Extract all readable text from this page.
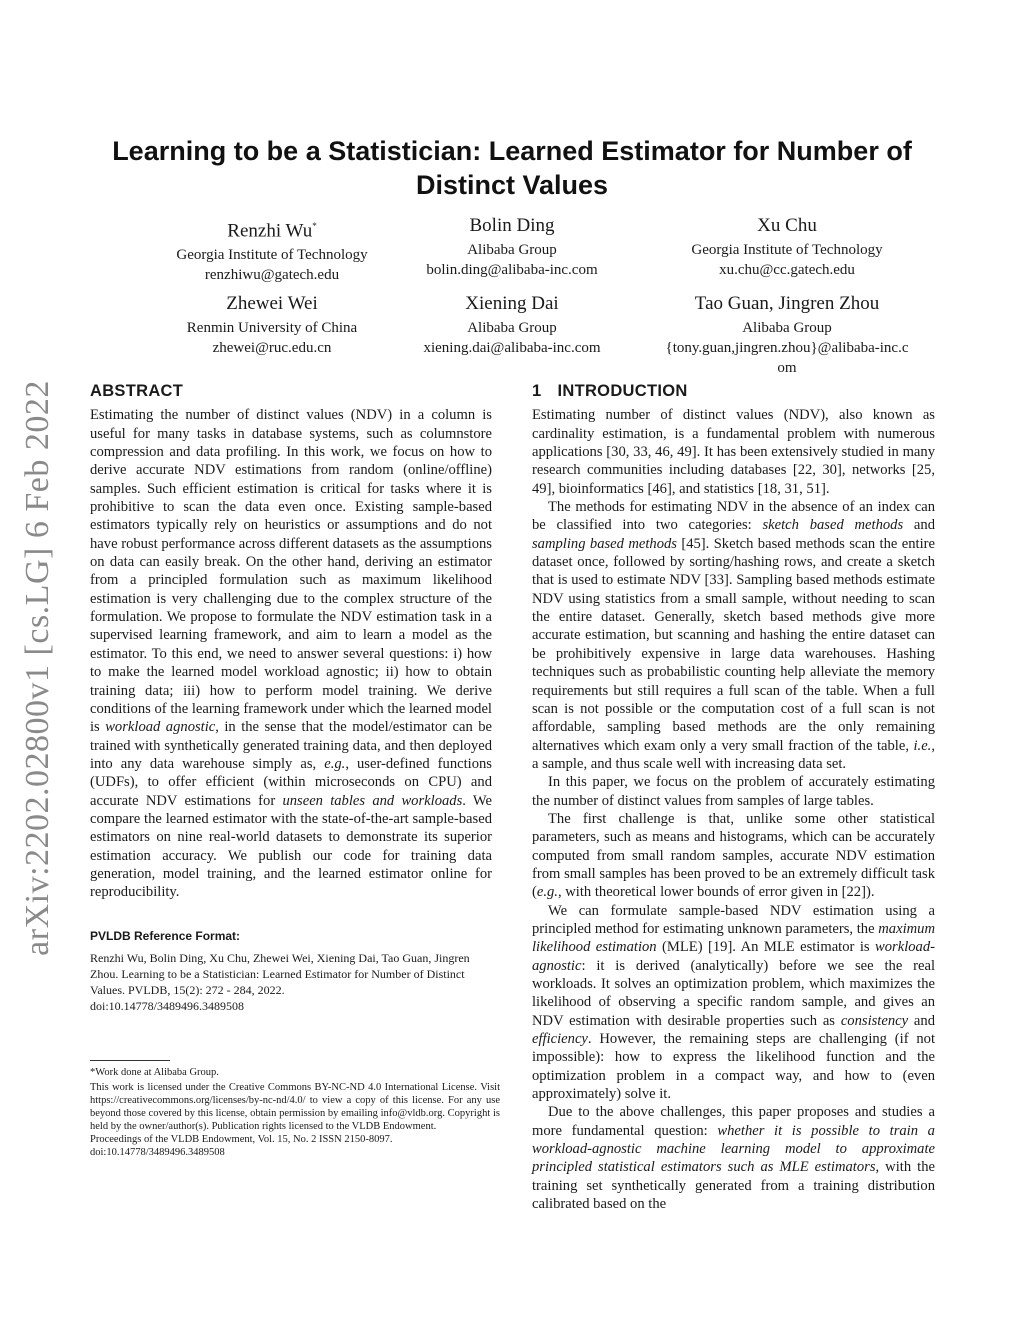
arXiv:2202.02800v1 [cs.LG] 6 Feb 2022
Learning to be a Statistician: Learned Estimator for Number of Distinct Values
Renzhi Wu*
Georgia Institute of Technology
renzhiwu@gatech.edu
Bolin Ding
Alibaba Group
bolin.ding@alibaba-inc.com
Xu Chu
Georgia Institute of Technology
xu.chu@cc.gatech.edu
Zhewei Wei
Renmin University of China
zhewei@ruc.edu.cn
Xiening Dai
Alibaba Group
xiening.dai@alibaba-inc.com
Tao Guan, Jingren Zhou
Alibaba Group
{tony.guan,jingren.zhou}@alibaba-inc.com
ABSTRACT

Estimating the number of distinct values (NDV) in a column is useful for many tasks in database systems, such as columnstore compression and data profiling. In this work, we focus on how to derive accurate NDV estimations from random (online/offline) samples. Such efficient estimation is critical for tasks where it is prohibitive to scan the data even once. Existing sample-based estimators typically rely on heuristics or assumptions and do not have robust performance across different datasets as the assumptions on data can easily break. On the other hand, deriving an estimator from a principled formulation such as maximum likelihood estimation is very challenging due to the complex structure of the formulation. We propose to formulate the NDV estimation task in a supervised learning framework, and aim to learn a model as the estimator. To this end, we need to answer several questions: i) how to make the learned model workload agnostic; ii) how to obtain training data; iii) how to perform model training. We derive conditions of the learning framework under which the learned model is workload agnostic, in the sense that the model/estimator can be trained with synthetically generated training data, and then deployed into any data warehouse simply as, e.g., user-defined functions (UDFs), to offer efficient (within microseconds on CPU) and accurate NDV estimations for unseen tables and workloads. We compare the learned estimator with the state-of-the-art sample-based estimators on nine real-world datasets to demonstrate its superior estimation accuracy. We publish our code for training data generation, model training, and the learned estimator online for reproducibility.

PVLDB Reference Format:

Renzhi Wu, Bolin Ding, Xu Chu, Zhewei Wei, Xiening Dai, Tao Guan, Jingren Zhou. Learning to be a Statistician: Learned Estimator for Number of Distinct Values. PVLDB, 15(2): 272 - 284, 2022.

doi:10.14778/3489496.3489508

*Work done at Alibaba Group.

This work is licensed under the Creative Commons BY-NC-ND 4.0 International License. Visit https://creativecommons.org/licenses/by-nc-nd/4.0/ to view a copy of this license. For any use beyond those covered by this license, obtain permission by emailing info@vldb.org. Copyright is held by the owner/author(s). Publication rights licensed to the VLDB Endowment.

Proceedings of the VLDB Endowment, Vol. 15, No. 2 ISSN 2150-8097.

doi:10.14778/3489496.3489508

1 INTRODUCTION

Estimating number of distinct values (NDV), also known as cardinality estimation, is a fundamental problem with numerous applications [30, 33, 46, 49]. It has been extensively studied in many research communities including databases [22, 30], networks [25, 49], bioinformatics [46], and statistics [18, 31, 51].

The methods for estimating NDV in the absence of an index can be classified into two categories: sketch based methods and sampling based methods [45]. Sketch based methods scan the entire dataset once, followed by sorting/hashing rows, and create a sketch that is used to estimate NDV [33]. Sampling based methods estimate NDV using statistics from a small sample, without needing to scan the entire dataset. Generally, sketch based methods give more accurate estimation, but scanning and hashing the entire dataset can be prohibitively expensive in large data warehouses. Hashing techniques such as probabilistic counting help alleviate the memory requirements but still requires a full scan of the table. When a full scan is not possible or the computation cost of a full scan is not affordable, sampling based methods are the only remaining alternatives which exam only a very small fraction of the table, i.e., a sample, and thus scale well with increasing data set.

In this paper, we focus on the problem of accurately estimating the number of distinct values from samples of large tables.

The first challenge is that, unlike some other statistical parameters, such as means and histograms, which can be accurately computed from small random samples, accurate NDV estimation from small samples has been proved to be an extremely difficult task (e.g., with theoretical lower bounds of error given in [22]).

We can formulate sample-based NDV estimation using a principled method for estimating unknown parameters, the maximum likelihood estimation (MLE) [19]. An MLE estimator is workload-agnostic: it is derived (analytically) before we see the real workloads. It solves an optimization problem, which maximizes the likelihood of observing a specific random sample, and gives an NDV estimation with desirable properties such as consistency and efficiency. However, the remaining steps are challenging (if not impossible): how to express the likelihood function and the optimization problem in a compact way, and how to (even approximately) solve it.

Due to the above challenges, this paper proposes and studies a more fundamental question: whether it is possible to train a workload-agnostic machine learning model to approximate principled statistical estimators such as MLE estimators, with the training set synthetically generated from a training distribution calibrated based on the
